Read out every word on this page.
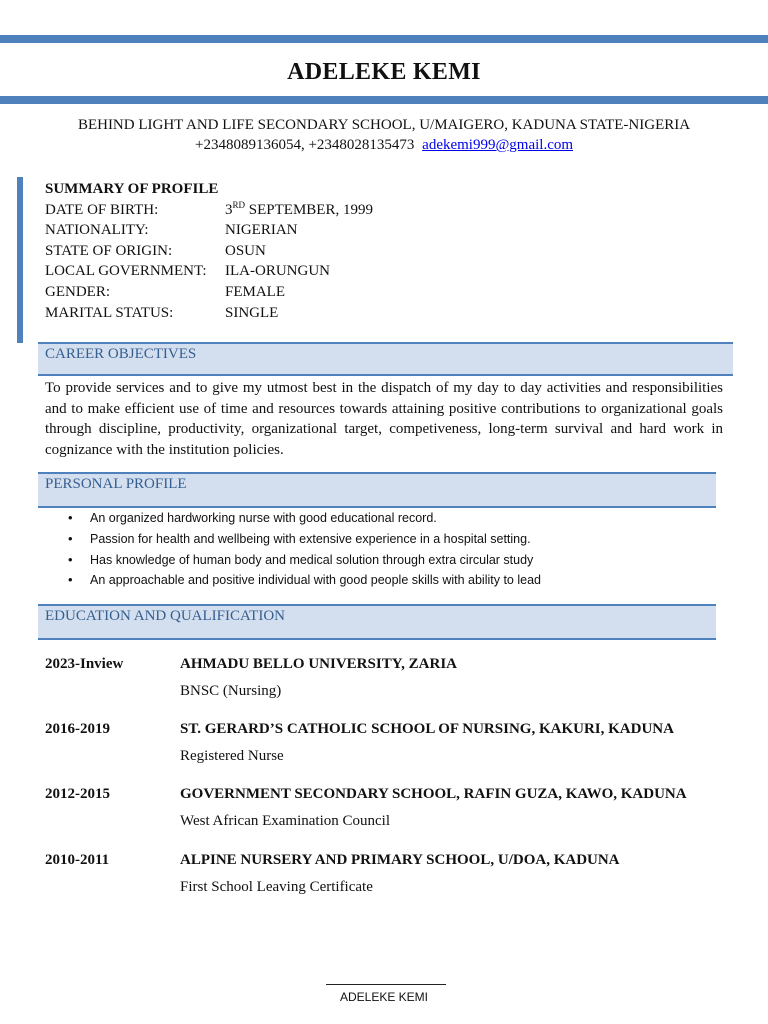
ADELEKE KEMI
BEHIND LIGHT AND LIFE SECONDARY SCHOOL, U/MAIGERO, KADUNA STATE-NIGERIA
+2348089136054, +2348028135473 adekemi999@gmail.com
SUMMARY OF PROFILE
DATE OF BIRTH:	3RD SEPTEMBER, 1999
NATIONALITY:	NIGERIAN
STATE OF ORIGIN:	OSUN
LOCAL GOVERNMENT: ILA-ORUNGUN
GENDER:	FEMALE
MARITAL STATUS:	SINGLE
CAREER OBJECTIVES
To provide services and to give my utmost best in the dispatch of my day to day activities and responsibilities and to make efficient use of time and resources towards attaining positive contributions to organizational goals through discipline, productivity, organizational target, competiveness, long-term survival and hard work in cognizance with the institution policies.
PERSONAL PROFILE
• An organized hardworking nurse with good educational record.
• Passion for health and wellbeing with extensive experience in a hospital setting.
• Has knowledge of human body and medical solution through extra circular study
• An approachable and positive individual with good people skills with ability to lead
EDUCATION AND QUALIFICATION
2023-Inview	AHMADU BELLO UNIVERSITY, ZARIA
BNSC (Nursing)
2016-2019	ST. GERARD’S CATHOLIC SCHOOL OF NURSING, KAKURI, KADUNA
Registered Nurse
2012-2015	GOVERNMENT SECONDARY SCHOOL, RAFIN GUZA, KAWO, KADUNA
West African Examination Council
2010-2011	ALPINE NURSERY AND PRIMARY SCHOOL, U/DOA, KADUNA
First School Leaving Certificate
ADELEKE KEMI
